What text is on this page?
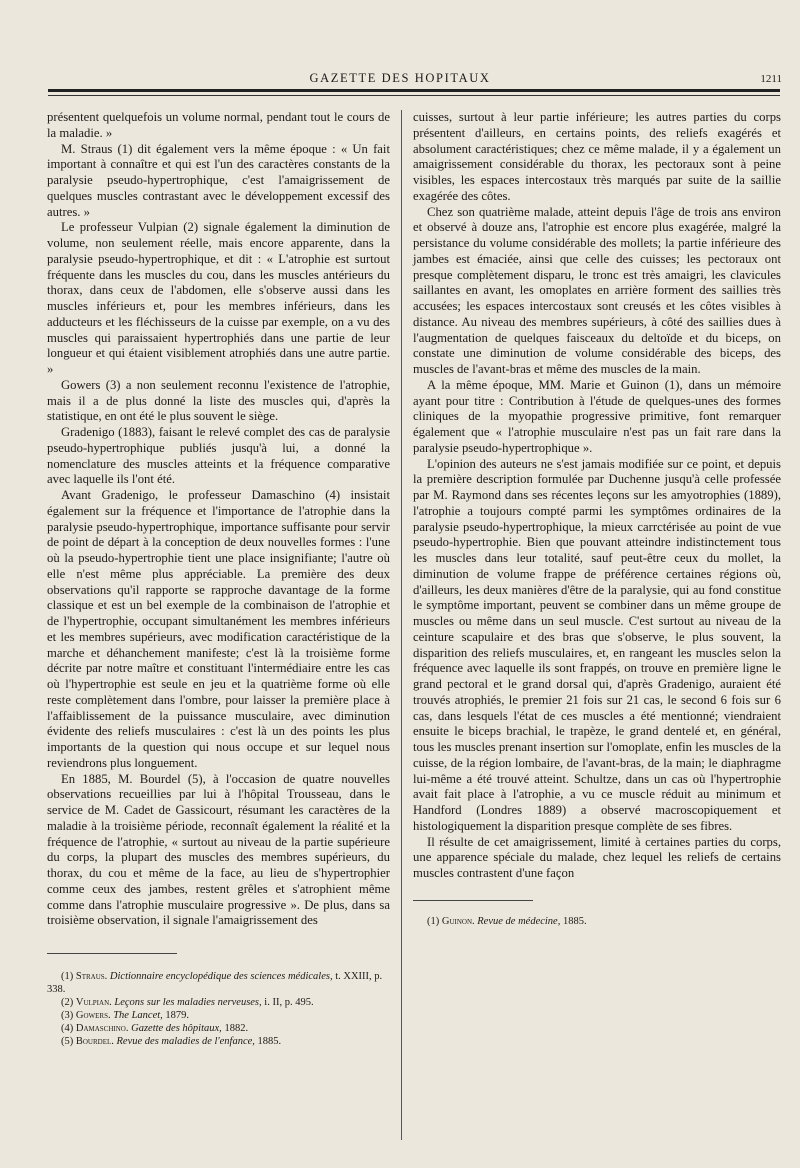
GAZETTE DES HOPITAUX	1211

présentent quelquefois un volume normal, pendant tout le cours de la maladie. »

M. Straus (1) dit également vers la même époque : « Un fait important à connaître et qui est l'un des caractères constants de la paralysie pseudo-hypertrophique, c'est l'amaigrissement de quelques muscles contrastant avec le développement excessif des autres. »

Le professeur Vulpian (2) signale également la diminution de volume, non seulement réelle, mais encore apparente, dans la paralysie pseudo-hypertrophique, et dit : « L'atrophie est surtout fréquente dans les muscles du cou, dans les muscles antérieurs du thorax, dans ceux de l'abdomen, elle s'observe aussi dans les muscles inférieurs et, pour les membres inférieurs, dans les adducteurs et les fléchisseurs de la cuisse par exemple, on a vu des muscles qui paraissaient hypertrophiés dans une partie de leur longueur et qui étaient visiblement atrophiés dans une autre partie. »

Gowers (3) a non seulement reconnu l'existence de l'atrophie, mais il a de plus donné la liste des muscles qui, d'après la statistique, en ont été le plus souvent le siège.

Gradenigo (1883), faisant le relevé complet des cas de paralysie pseudo-hypertrophique publiés jusqu'à lui, a donné la nomenclature des muscles atteints et la fréquence comparative avec laquelle ils l'ont été.

Avant Gradenigo, le professeur Damaschino (4) insistait également sur la fréquence et l'importance de l'atrophie dans la paralysie pseudo-hypertrophique, importance suffisante pour servir de point de départ à la conception de deux nouvelles formes : l'une où la pseudo-hypertrophie tient une place insignifiante; l'autre où elle n'est même plus appréciable. La première des deux observations qu'il rapporte se rapproche davantage de la forme classique et est un bel exemple de la combinaison de l'atrophie et de l'hypertrophie, occupant simultanément les membres inférieurs et les membres supérieurs, avec modification caractéristique de la marche et déhanchement manifeste; c'est là la troisième forme décrite par notre maître et constituant l'intermédiaire entre les cas où l'hypertrophie est seule en jeu et la quatrième forme où elle reste complètement dans l'ombre, pour laisser la première place à l'affaiblissement de la puissance musculaire, avec diminution évidente des reliefs musculaires : c'est là un des points les plus importants de la question qui nous occupe et sur lequel nous reviendrons plus longuement.

En 1885, M. Bourdel (5), à l'occasion de quatre nouvelles observations recueillies par lui à l'hôpital Trousseau, dans le service de M. Cadet de Gassicourt, résumant les caractères de la maladie à la troisième période, reconnaît également la réalité et la fréquence de l'atrophie, « surtout au niveau de la partie supérieure du corps, la plupart des muscles des membres supérieurs, du thorax, du cou et même de la face, au lieu de s'hypertrophier comme ceux des jambes, restent grêles et s'atrophient même comme dans l'atrophie musculaire progressive ». De plus, dans sa troisième observation, il signale l'amaigrissement des

(1) Straus. Dictionnaire encyclopédique des sciences médicales, t. XXIII, p. 338.

(2) Vulpian. Leçons sur les maladies nerveuses, i. II, p. 495.

(3) Gowers. The Lancet, 1879.

(4) Damaschino. Gazette des hôpitaux, 1882.

(5) Bourdel. Revue des maladies de l'enfance, 1885.

cuisses, surtout à leur partie inférieure; les autres parties du corps présentent d'ailleurs, en certains points, des reliefs exagérés et absolument caractéristiques; chez ce même malade, il y a également un amaigrissement considérable du thorax, les pectoraux sont à peine visibles, les espaces intercostaux très marqués par suite de la saillie exagérée des côtes.

Chez son quatrième malade, atteint depuis l'âge de trois ans environ et observé à douze ans, l'atrophie est encore plus exagérée, malgré la persistance du volume considérable des mollets; la partie inférieure des jambes est émaciée, ainsi que celle des cuisses; les pectoraux ont presque complètement disparu, le tronc est très amaigri, les clavicules saillantes en avant, les omoplates en arrière forment des saillies très accusées; les espaces intercostaux sont creusés et les côtes visibles à distance. Au niveau des membres supérieurs, à côté des saillies dues à l'augmentation de quelques faisceaux du deltoïde et du biceps, on constate une diminution de volume considérable des biceps, des muscles de l'avant-bras et même des muscles de la main.

A la même époque, MM. Marie et Guinon (1), dans un mémoire ayant pour titre : Contribution à l'étude de quelques-unes des formes cliniques de la myopathie progressive primitive, font remarquer également que « l'atrophie musculaire n'est pas un fait rare dans la paralysie pseudo-hypertrophique ».

L'opinion des auteurs ne s'est jamais modifiée sur ce point, et depuis la première description formulée par Duchenne jusqu'à celle professée par M. Raymond dans ses récentes leçons sur les amyotrophies (1889), l'atrophie a toujours compté parmi les symptômes ordinaires de la paralysie pseudo-hypertrophique, la mieux carrctérisée au point de vue pseudo-hypertrophie. Bien que pouvant atteindre indistinctement tous les muscles dans leur totalité, sauf peut-être ceux du mollet, la diminution de volume frappe de préférence certaines régions où, d'ailleurs, les deux manières d'être de la paralysie, qui au fond constitue le symptôme important, peuvent se combiner dans un même groupe de muscles ou même dans un seul muscle. C'est surtout au niveau de la ceinture scapulaire et des bras que s'observe, le plus souvent, la disparition des reliefs musculaires, et, en rangeant les muscles selon la fréquence avec laquelle ils sont frappés, on trouve en première ligne le grand pectoral et le grand dorsal qui, d'après Gradenigo, auraient été trouvés atrophiés, le premier 21 fois sur 21 cas, le second 6 fois sur 6 cas, dans lesquels l'état de ces muscles a été mentionné; viendraient ensuite le biceps brachial, le trapèze, le grand dentelé et, en général, tous les muscles prenant insertion sur l'omoplate, enfin les muscles de la cuisse, de la région lombaire, de l'avant-bras, de la main; le diaphragme lui-même a été trouvé atteint. Schultze, dans un cas où l'hypertrophie avait fait place à l'atrophie, a vu ce muscle réduit au minimum et Handford (Londres 1889) a observé macroscopiquement et histologiquement la disparition presque complète de ses fibres.

Il résulte de cet amaigrissement, limité à certaines parties du corps, une apparence spéciale du malade, chez lequel les reliefs de certains muscles contrastent d'une façon

(1) Guinon. Revue de médecine, 1885.
